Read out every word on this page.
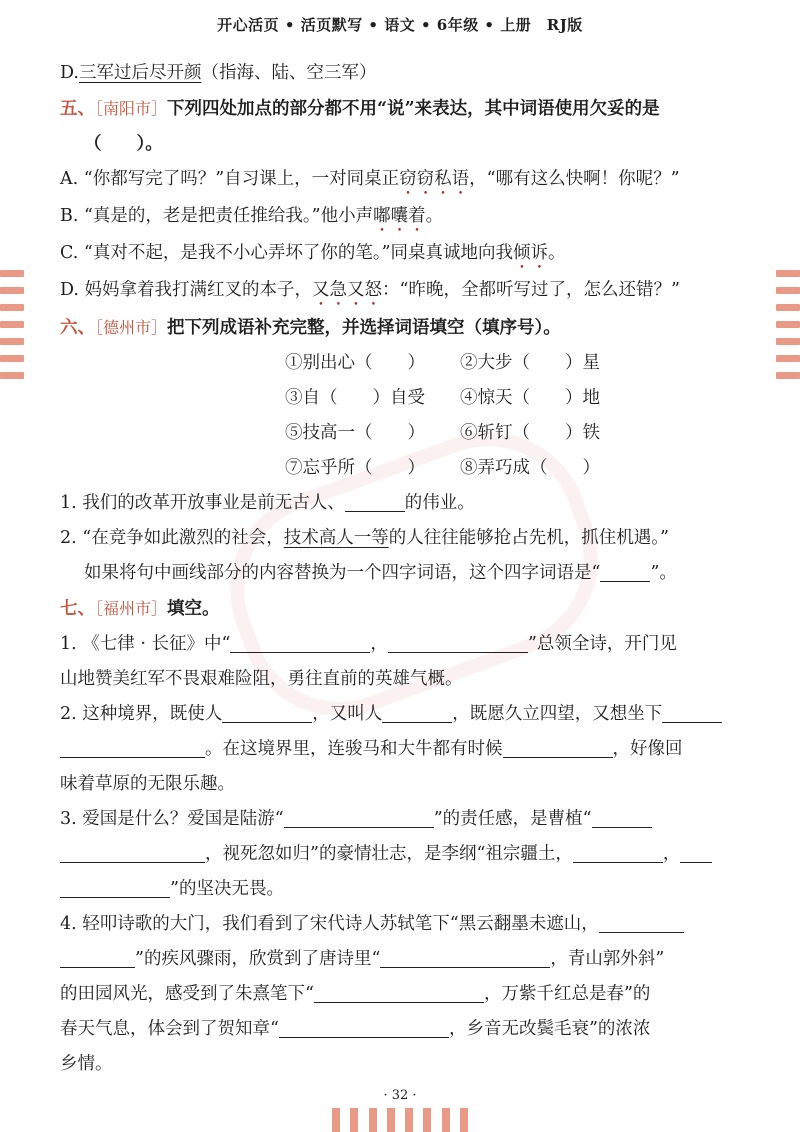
开心活页 • 活页默写 • 语文 • 6年级 • 上册　RJ版
D.三军过后尽开颜（指海、陆、空三军）
五、［南阳市］下列四处加点的部分都不用“说”来表达，其中词语使用欠妥的是
（　　）。
A. “你都写完了吗？”自习课上，一对同桌正窃窃私语，“哪有这么快啊！你呢？”
B. “真是的，老是把责任推给我。”他小声嘟囔着。
C. “真对不起，是我不小心弄坏了你的笔。”同桌真诚地向我倾诉。
D. 妈妈拿着我打满红叉的本子，又急又怒：“昨晚，全都听写过了，怎么还错？”
六、［德州市］把下列成语补充完整，并选择词语填空（填序号）。
①别出心（　　）	②大步（　　）星
③自（　　）自受	④惊天（　　）地
⑤技高一（　　）	⑥斩钉（　　）铁
⑦忘乎所（　　）	⑧弄巧成（　　）
1. 我们的改革开放事业是前无古人、	的伟业。
2. “在竞争如此激烈的社会，技术高人一等的人往往能够抢占先机，抓住机遇。”
如果将句中画线部分的内容替换为一个四字词语，这个四字词语是“	”。
七、［福州市］填空。
1. 《七律 · 长征》中“	，	”总领全诗，开门见
山地赞美红军不畏艰难险阻，勇往直前的英雄气概。
2. 这种境界，既使人	，又叫人	，既愿久立四望，又想坐下
。在这境界里，连骏马和大牛都有时候	，好像回
味着草原的无限乐趣。
3. 爱国是什么？爱国是陆游“	”的责任感，是曹植“
，视死忽如归”的豪情壮志，是李纲“祖宗疆土，	，
”的坚决无畏。
4. 轻叩诗歌的大门，我们看到了宋代诗人苏轼笔下“黑云翻墨未遮山，
”的疾风骤雨，欣赏到了唐诗里“	，青山郭外斜”
的田园风光，感受到了朱熹笔下“	，万紫千红总是春”的
春天气息，体会到了贺知章“	，乡音无改鬓毛衰”的浓浓
乡情。
· 32 ·
